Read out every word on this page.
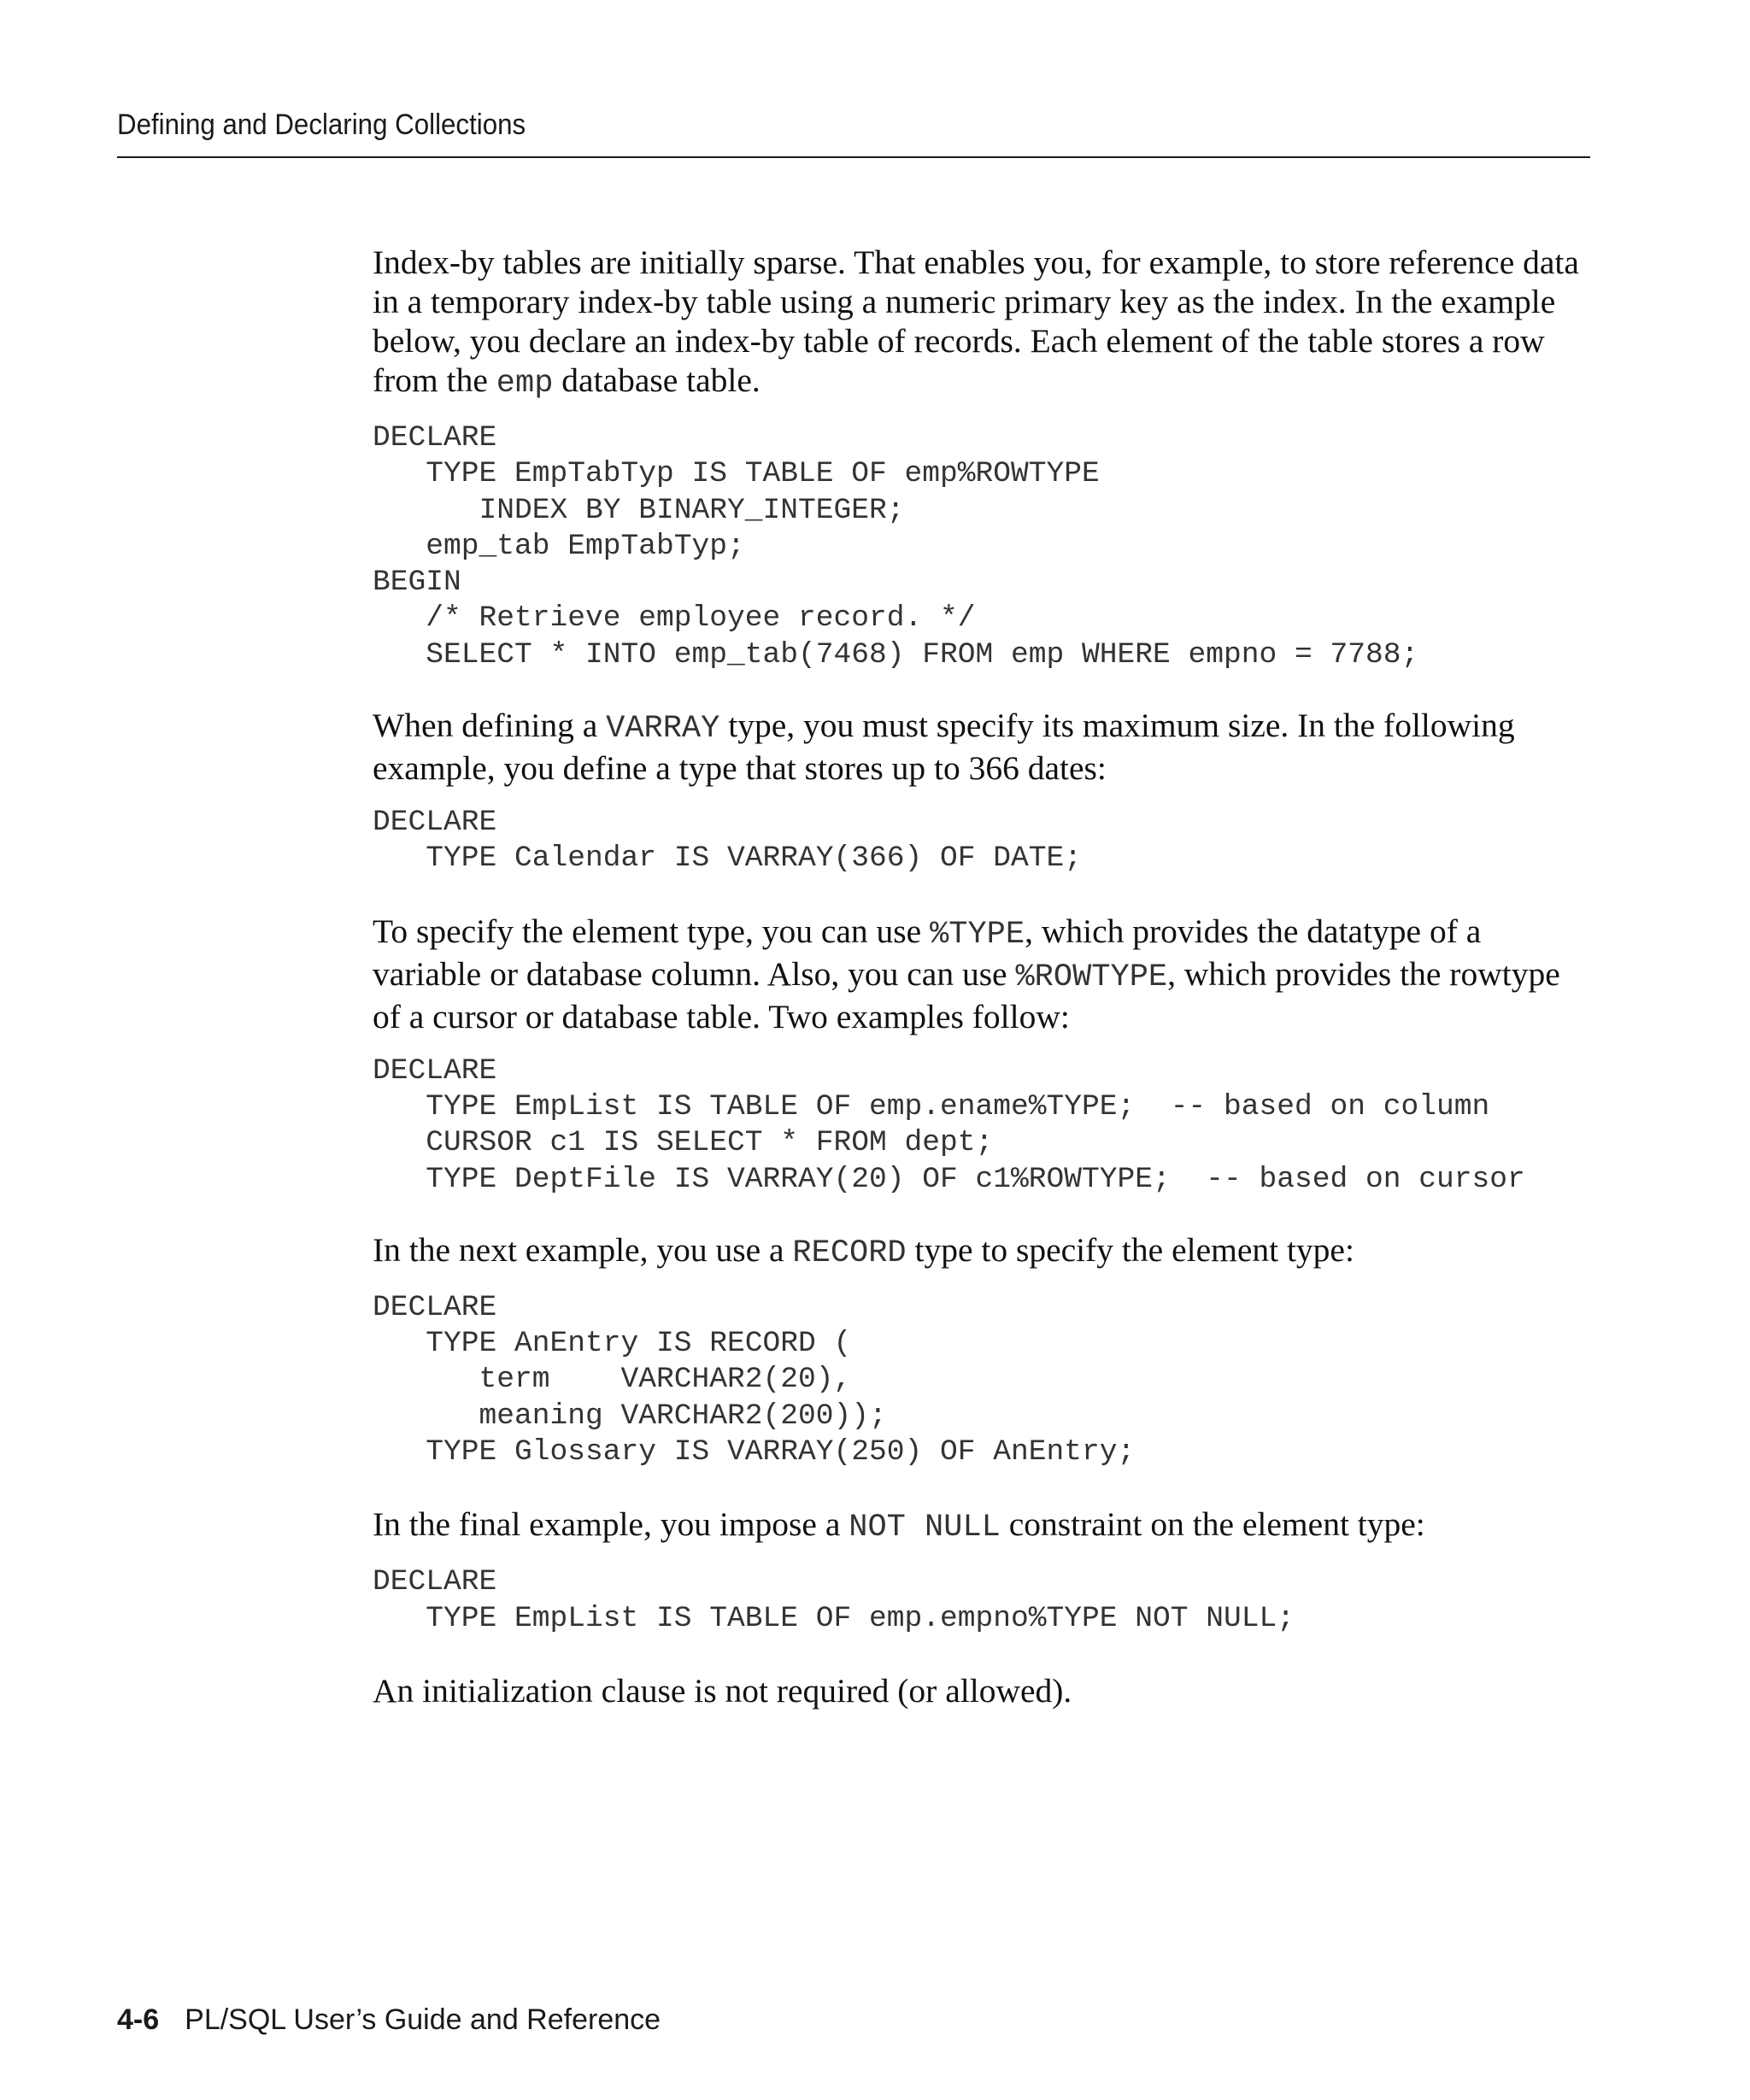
Defining and Declaring Collections

Index-by tables are initially sparse. That enables you, for example, to store reference data in a temporary index-by table using a numeric primary key as the index. In the example below, you declare an index-by table of records. Each element of the table stores a row from the emp database table.

DECLARE
TYPE EmpTabTyp IS TABLE OF emp%ROWTYPE
INDEX BY BINARY_INTEGER;
emp_tab EmpTabTyp;
BEGIN
/* Retrieve employee record. */
SELECT * INTO emp_tab(7468) FROM emp WHERE empno = 7788;

When defining a VARRAY type, you must specify its maximum size. In the following example, you define a type that stores up to 366 dates:

DECLARE
TYPE Calendar IS VARRAY(366) OF DATE;

To specify the element type, you can use %TYPE, which provides the datatype of a variable or database column. Also, you can use %ROWTYPE, which provides the rowtype of a cursor or database table. Two examples follow:

DECLARE
TYPE EmpList IS TABLE OF emp.ename%TYPE;  -- based on column
CURSOR c1 IS SELECT * FROM dept;
TYPE DeptFile IS VARRAY(20) OF c1%ROWTYPE;  -- based on cursor

In the next example, you use a RECORD type to specify the element type:

DECLARE
TYPE AnEntry IS RECORD (
term    VARCHAR2(20),
meaning VARCHAR2(200));
TYPE Glossary IS VARRAY(250) OF AnEntry;

In the final example, you impose a NOT NULL constraint on the element type:

DECLARE
TYPE EmpList IS TABLE OF emp.empno%TYPE NOT NULL;

An initialization clause is not required (or allowed).

4-6 PL/SQL User’s Guide and Reference
